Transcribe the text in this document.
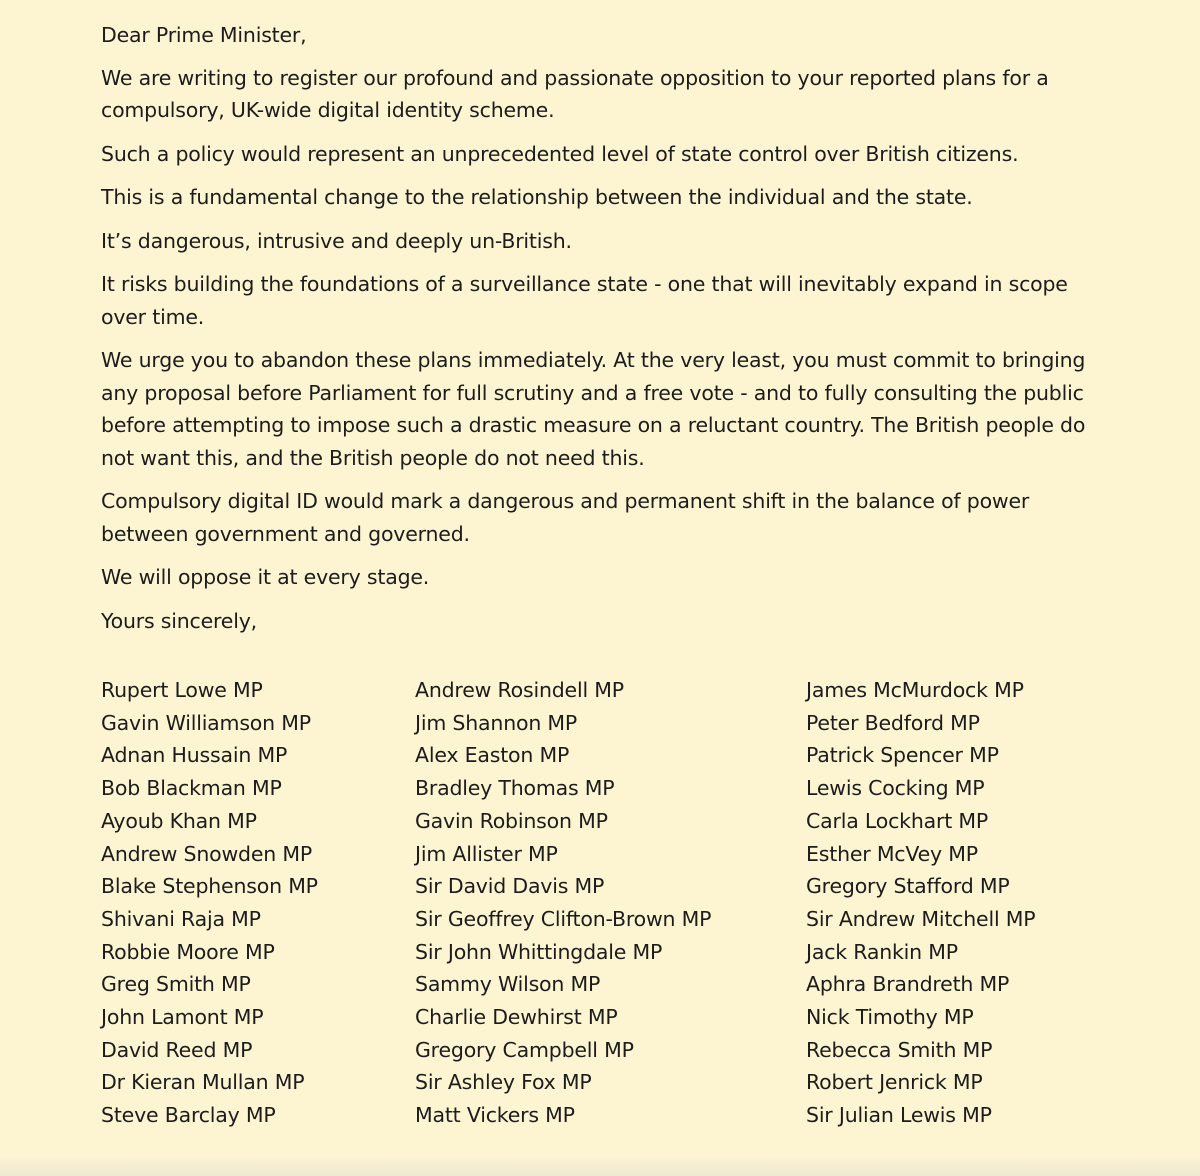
Dear Prime Minister,

We are writing to register our profound and passionate opposition to your reported plans for a compulsory, UK-wide digital identity scheme.

Such a policy would represent an unprecedented level of state control over British citizens.

This is a fundamental change to the relationship between the individual and the state.

It’s dangerous, intrusive and deeply un-British.

It risks building the foundations of a surveillance state - one that will inevitably expand in scope over time.

We urge you to abandon these plans immediately. At the very least, you must commit to bringing any proposal before Parliament for full scrutiny and a free vote - and to fully consulting the public before attempting to impose such a drastic measure on a reluctant country. The British people do not want this, and the British people do not need this.

Compulsory digital ID would mark a dangerous and permanent shift in the balance of power between government and governed.

We will oppose it at every stage.

Yours sincerely,

Rupert Lowe MP
Gavin Williamson MP
Adnan Hussain MP
Bob Blackman MP
Ayoub Khan MP
Andrew Snowden MP
Blake Stephenson MP
Shivani Raja MP
Robbie Moore MP
Greg Smith MP
John Lamont MP
David Reed MP
Dr Kieran Mullan MP
Steve Barclay MP
Andrew Rosindell MP
Jim Shannon MP
Alex Easton MP
Bradley Thomas MP
Gavin Robinson MP
Jim Allister MP
Sir David Davis MP
Sir Geoffrey Clifton-Brown MP
Sir John Whittingdale MP
Sammy Wilson MP
Charlie Dewhirst MP
Gregory Campbell MP
Sir Ashley Fox MP
Matt Vickers MP
James McMurdock MP
Peter Bedford MP
Patrick Spencer MP
Lewis Cocking MP
Carla Lockhart MP
Esther McVey MP
Gregory Stafford MP
Sir Andrew Mitchell MP
Jack Rankin MP
Aphra Brandreth MP
Nick Timothy MP
Rebecca Smith MP
Robert Jenrick MP
Sir Julian Lewis MP
